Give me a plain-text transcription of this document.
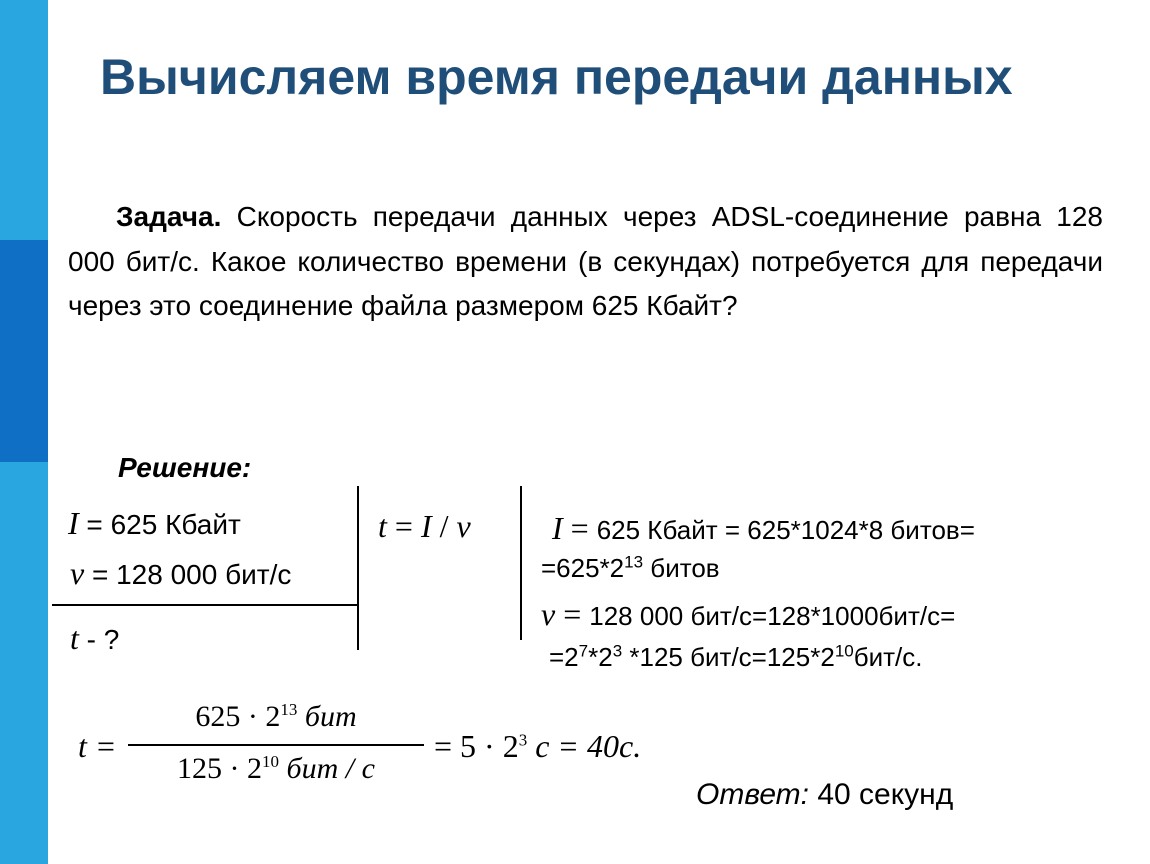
Вычисляем время передачи данных
Задача. Скорость передачи данных через ADSL-соединение равна 128 000 бит/с. Какое количество времени (в секундах) потребуется для передачи через это соединение файла размером 625 Кбайт?
Решение:
I = 625 Кбайт
v = 128 000 бит/с
t - ?
t = I / v	I = 625 Кбайт = 625*1024*8 битов=
$=625*2^{13}$ битов
v = 128 000 бит/с=128*1000бит/с=
$=2^7*2^3$ *125 бит/$с=125*2^{10}бит/с$.
t =
$625 \cdot 2^{13}$ бит
$125 \cdot 2^{10}$ бит / с
= $5 \cdot 2^3$ с = 40с.
Ответ: 40 секунд
